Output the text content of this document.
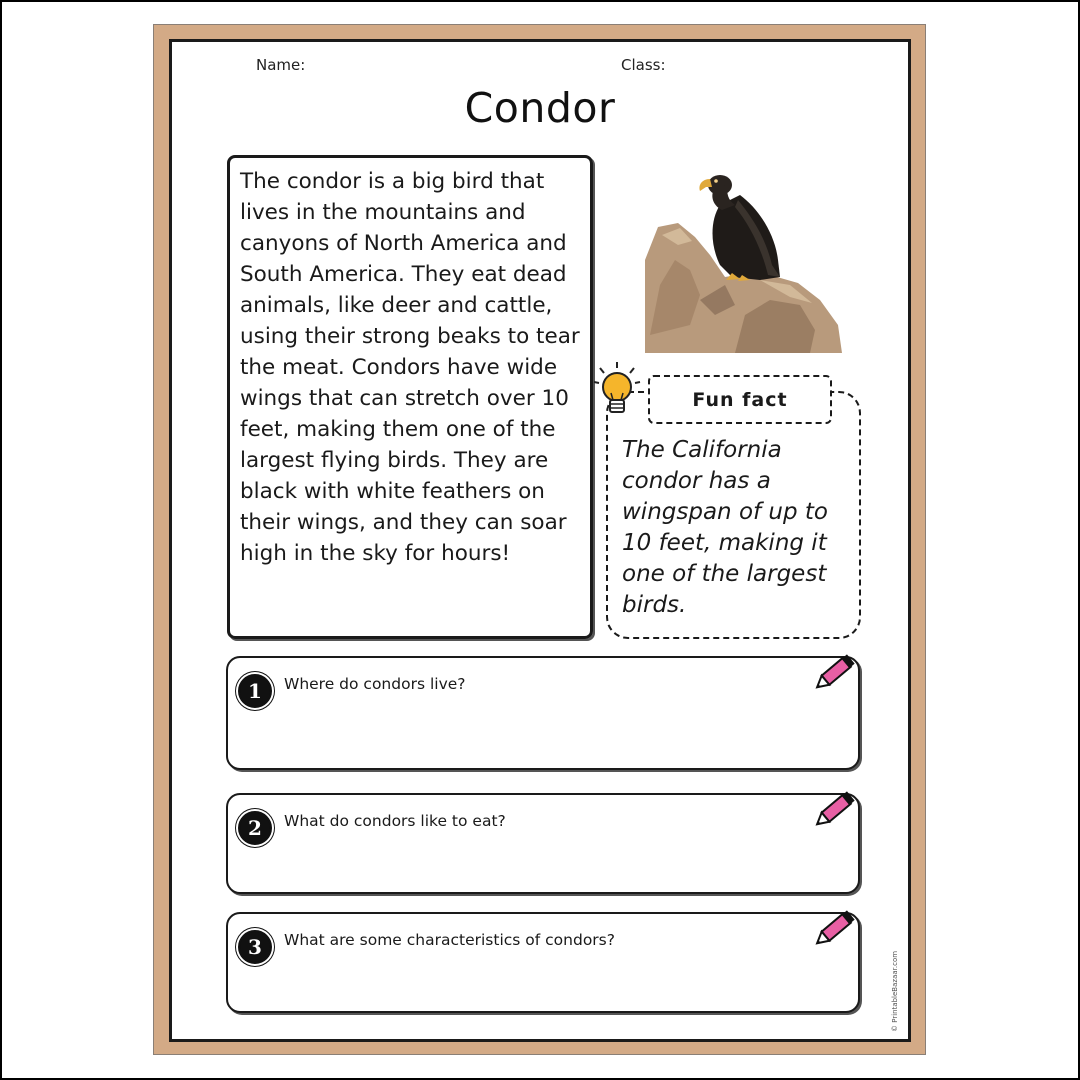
Name:	Class:
Condor

The condor is a big bird that lives in the mountains and canyons of North America and South America. They eat dead animals, like deer and cattle, using their strong beaks to tear the meat. Condors have wide wings that can stretch over 10 feet, making them one of the largest flying birds. They are black with white feathers on their wings, and they can soar high in the sky for hours!

Fun fact

The California condor has a wingspan of up to 10 feet, making it one of the largest birds.

1	Where do condors live?
2	What do condors like to eat?
3	What are some characteristics of condors?
© PrintableBazaar.com
